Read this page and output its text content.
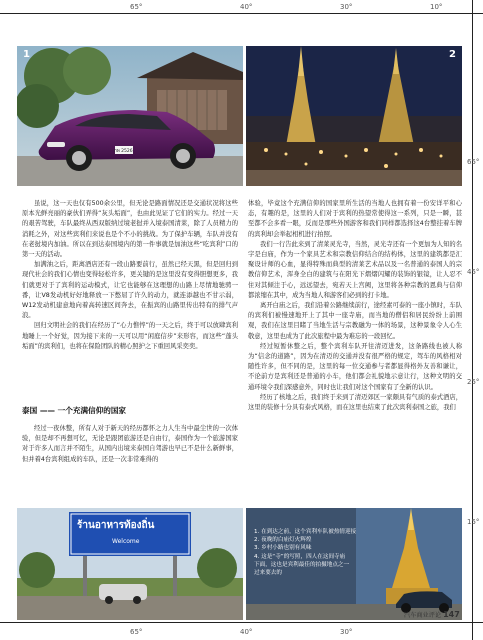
65°	40°	30°	10°
65°	40°	30°
65°
45°
25°
15°
1
กพ 2526
2

虽说，这一天也仅有500余公里，但无论是路面情况还是交通状况将这些原本光鲜亮丽的豪伙们弄得“灰头垢面”，也由此见证了它们的实力。经过一天的艰苦驾驶，车队最终从西双版纳过境老挝并入境泰国清莱，除了人员精力的消耗之外，对这些宾利们来说也是个不小的挑战。为了保护车辆，车队并没有在老挝境内加油。所以在到达泰国境内的第一件事就是加油这些“吃宾利”口的第一天的活动。

加满油之后，距离酒店还有一段山路要前行，虽然已经天黑，但是回归到现代社会的我们心情也变得轻松许多，更关键的是这里没有变得胆想更多，我们就更对于了宾利的运动模式，让它也能够在这理想的山路上尽情地驰骋一番，让V8发动机好好地释放一下憋屈了许久的动力，就连添越也不甘示弱，W12发动机建意地向着高转速区间奔去，在振宾的山路里传出特有的排气声浪。

回归文明社会的我们在经历了“心力憔悴”的一天之后，终于可以放肆宾利地睡上一个好觉，因为接下来的一天可以用“闲庭信步”来形容，而这些“蓬头垢面”的宾利们，也将在保险团队的精心照护之下重回风采奕奕。

泰国 —— 一个充满信仰的国家

经过一夜休整，所有人对于新天的经历都怀之力人生当中最尘世的一次体验，但是却不再想可忆，无论是跟团旅游还是自由行，泰国作为一个旅游国家对于许多人而言并不陌生，从国内出境来泰国自驾游也早已不是什么新鲜事，但并着4台宾利组成的车队，还是一次非常难得的

体验，毕竟这个充满信仰的国家里所生活的当地人也拥有着一份安详平和心态，有趣的是，这里的人们对于宾利的热望常使得这一系列，只是一瞬，甚至都不会多看一眼，反而是那些外国游客和我们同样都选择这4台整挂着车牌的宾利却会举起相机进行拍照。

我们一行告此来到了清莱灵光寺，当然，灵光寺还有一个更加为人知的名字是白庙，作为一个家具艺术和宗教信仰结合的结构体，这里的建筑都是汇聚设计师的心血，显得特殊而典型的清莱艺术品以及一名普通的泰国人的宗教信仰艺术，浑身全白的建筑与在阳光下熠熠闪耀的装饰的银镜，让人忍不住对其倾注于心，远远望去，宛若天上宫阙，这里将各种宗教的恩典与信仰都浓缩在其中，成为当地人和游客们必到的打卡地。

离开白庙之后，我们沿着公路继续前行，途经素可泰的一座小镇时，车队的宾利们被慢速地开上了其中一座寺庙，而当地的僧侣和居民纷纷上前围观，我们在这里目睹了当地生活与宗教融为一体的场景，这种景象令人心生敬意，这里也成为了此次旅程中最为难忘的一段回忆。

经过短暂休整之后，整个宾利车队开往清迈进发，这条路线也被人称为“信念的道路”，因为在清迈的交通并没有很严格的规定，驾车的风格相对随性许多，但不同的是，这里的每一位交通参与者都显得格外友善和谦让，不论前方是宾利还是普通的小车，他们都会礼貌地示意让行，这种文明的交通环境令我们深感意外，同时也让我们对这个国家有了全新的认识。

经历了核地之后，我们终于来到了清迈郊区一家颇具有气质的泰式酒店，这里的装修十分具有泰式风格，而在这里也结束了此次宾利泰国之旅，我们

ร้านอาหารท้องถิ่น
Welcome
1. 在到达之前，这个宾利车队被热情迎接
2. 夜晚的白庙灯火辉煌
3. 乡村小路也别有风味
4. 这是“寺”的写照，四人在这间寺庙
下面，这也是宾利最佳的拍摄地点之一
过来要去的
汽车商业评论 147
